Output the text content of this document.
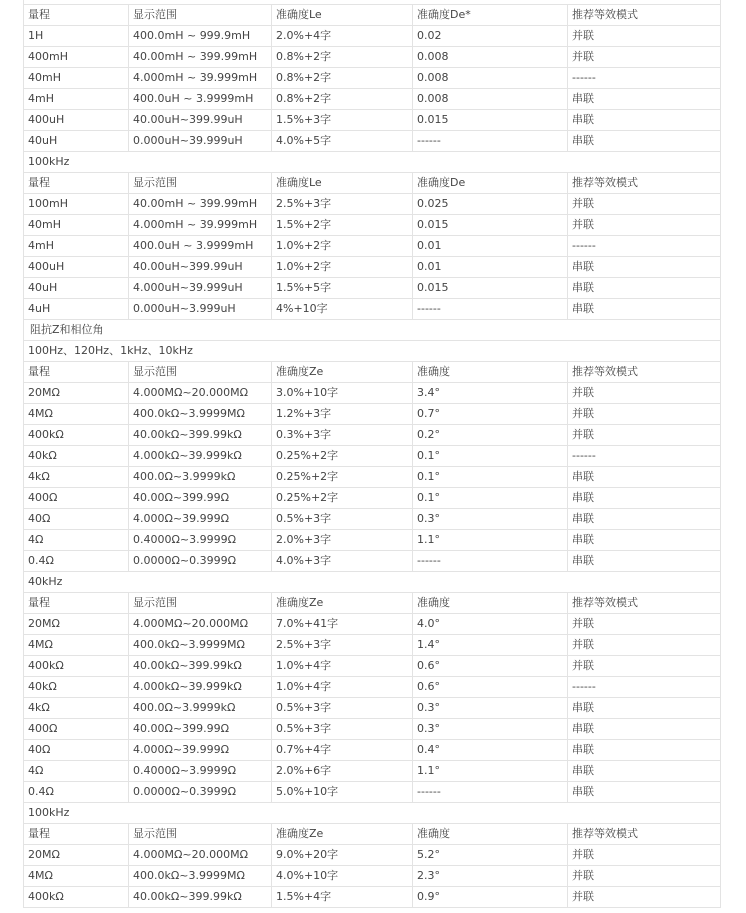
量程	显示范围	准确度Le	准确度De*	推荐等效模式
1H	400.0mH ~ 999.9mH	2.0%+4字	0.02	并联
400mH	40.00mH ~ 399.99mH	0.8%+2字	0.008	并联
40mH	4.000mH ~ 39.999mH	0.8%+2字	0.008	------
4mH	400.0uH ~ 3.9999mH	0.8%+2字	0.008	串联
400uH	40.00uH~399.99uH	1.5%+3字	0.015	串联
40uH	0.000uH~39.999uH	4.0%+5字	------	串联
100kHz
量程	显示范围	准确度Le	准确度De	推荐等效模式
100mH	40.00mH ~ 399.99mH	2.5%+3字	0.025	并联
40mH	4.000mH ~ 39.999mH	1.5%+2字	0.015	并联
4mH	400.0uH ~ 3.9999mH	1.0%+2字	0.01	------
400uH	40.00uH~399.99uH	1.0%+2字	0.01	串联
40uH	4.000uH~39.999uH	1.5%+5字	0.015	串联
4uH	0.000uH~3.999uH	4%+10字	------	串联
阻抗Z和相位角
100Hz、120Hz、1kHz、10kHz
量程	显示范围	准确度Ze	准确度	推荐等效模式
20MΩ	4.000MΩ~20.000MΩ	3.0%+10字	3.4°	并联
4MΩ	400.0kΩ~3.9999MΩ	1.2%+3字	0.7°	并联
400kΩ	40.00kΩ~399.99kΩ	0.3%+3字	0.2°	并联
40kΩ	4.000kΩ~39.999kΩ	0.25%+2字	0.1°	------
4kΩ	400.0Ω~3.9999kΩ	0.25%+2字	0.1°	串联
400Ω	40.00Ω~399.99Ω	0.25%+2字	0.1°	串联
40Ω	4.000Ω~39.999Ω	0.5%+3字	0.3°	串联
4Ω	0.4000Ω~3.9999Ω	2.0%+3字	1.1°	串联
0.4Ω	0.0000Ω~0.3999Ω	4.0%+3字	------	串联
40kHz
量程	显示范围	准确度Ze	准确度	推荐等效模式
20MΩ	4.000MΩ~20.000MΩ	7.0%+41字	4.0°	并联
4MΩ	400.0kΩ~3.9999MΩ	2.5%+3字	1.4°	并联
400kΩ	40.00kΩ~399.99kΩ	1.0%+4字	0.6°	并联
40kΩ	4.000kΩ~39.999kΩ	1.0%+4字	0.6°	------
4kΩ	400.0Ω~3.9999kΩ	0.5%+3字	0.3°	串联
400Ω	40.00Ω~399.99Ω	0.5%+3字	0.3°	串联
40Ω	4.000Ω~39.999Ω	0.7%+4字	0.4°	串联
4Ω	0.4000Ω~3.9999Ω	2.0%+6字	1.1°	串联
0.4Ω	0.0000Ω~0.3999Ω	5.0%+10字	------	串联
100kHz
量程	显示范围	准确度Ze	准确度	推荐等效模式
20MΩ	4.000MΩ~20.000MΩ	9.0%+20字	5.2°	并联
4MΩ	400.0kΩ~3.9999MΩ	4.0%+10字	2.3°	并联
400kΩ	40.00kΩ~399.99kΩ	1.5%+4字	0.9°	并联
